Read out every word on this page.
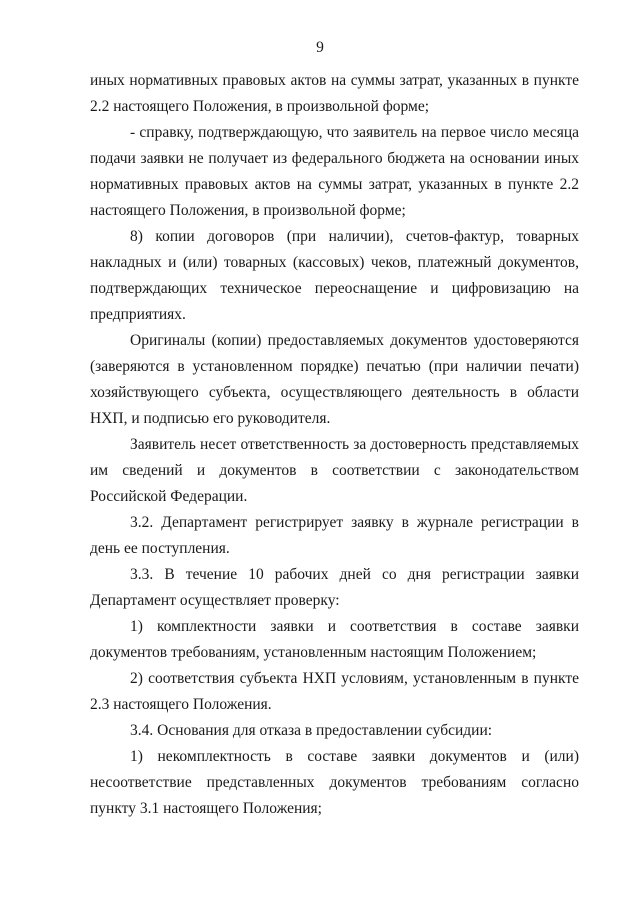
9

иных нормативных правовых актов на суммы затрат, указанных в пункте 2.2 настоящего Положения, в произвольной форме;

- справку, подтверждающую, что заявитель на первое число месяца подачи заявки не получает из федерального бюджета на основании иных нормативных правовых актов на суммы затрат, указанных в пункте 2.2 настоящего Положения, в произвольной форме;

8) копии договоров (при наличии), счетов-фактур, товарных накладных и (или) товарных (кассовых) чеков, платежный документов, подтверждающих техническое переоснащение и цифровизацию на предприятиях.

Оригиналы (копии) предоставляемых документов удостоверяются (заверяются в установленном порядке) печатью (при наличии печати) хозяйствующего субъекта, осуществляющего деятельность в области НХП, и подписью его руководителя.

Заявитель несет ответственность за достоверность представляемых им сведений и документов в соответствии с законодательством Российской Федерации.

3.2. Департамент регистрирует заявку в журнале регистрации в день ее поступления.

3.3. В течение 10 рабочих дней со дня регистрации заявки Департамент осуществляет проверку:

1) комплектности заявки и соответствия в составе заявки документов требованиям, установленным настоящим Положением;

2) соответствия субъекта НХП условиям, установленным в пункте 2.3 настоящего Положения.

3.4. Основания для отказа в предоставлении субсидии:

1) некомплектность в составе заявки документов и (или) несоответствие представленных документов требованиям согласно пункту 3.1 настоящего Положения;
